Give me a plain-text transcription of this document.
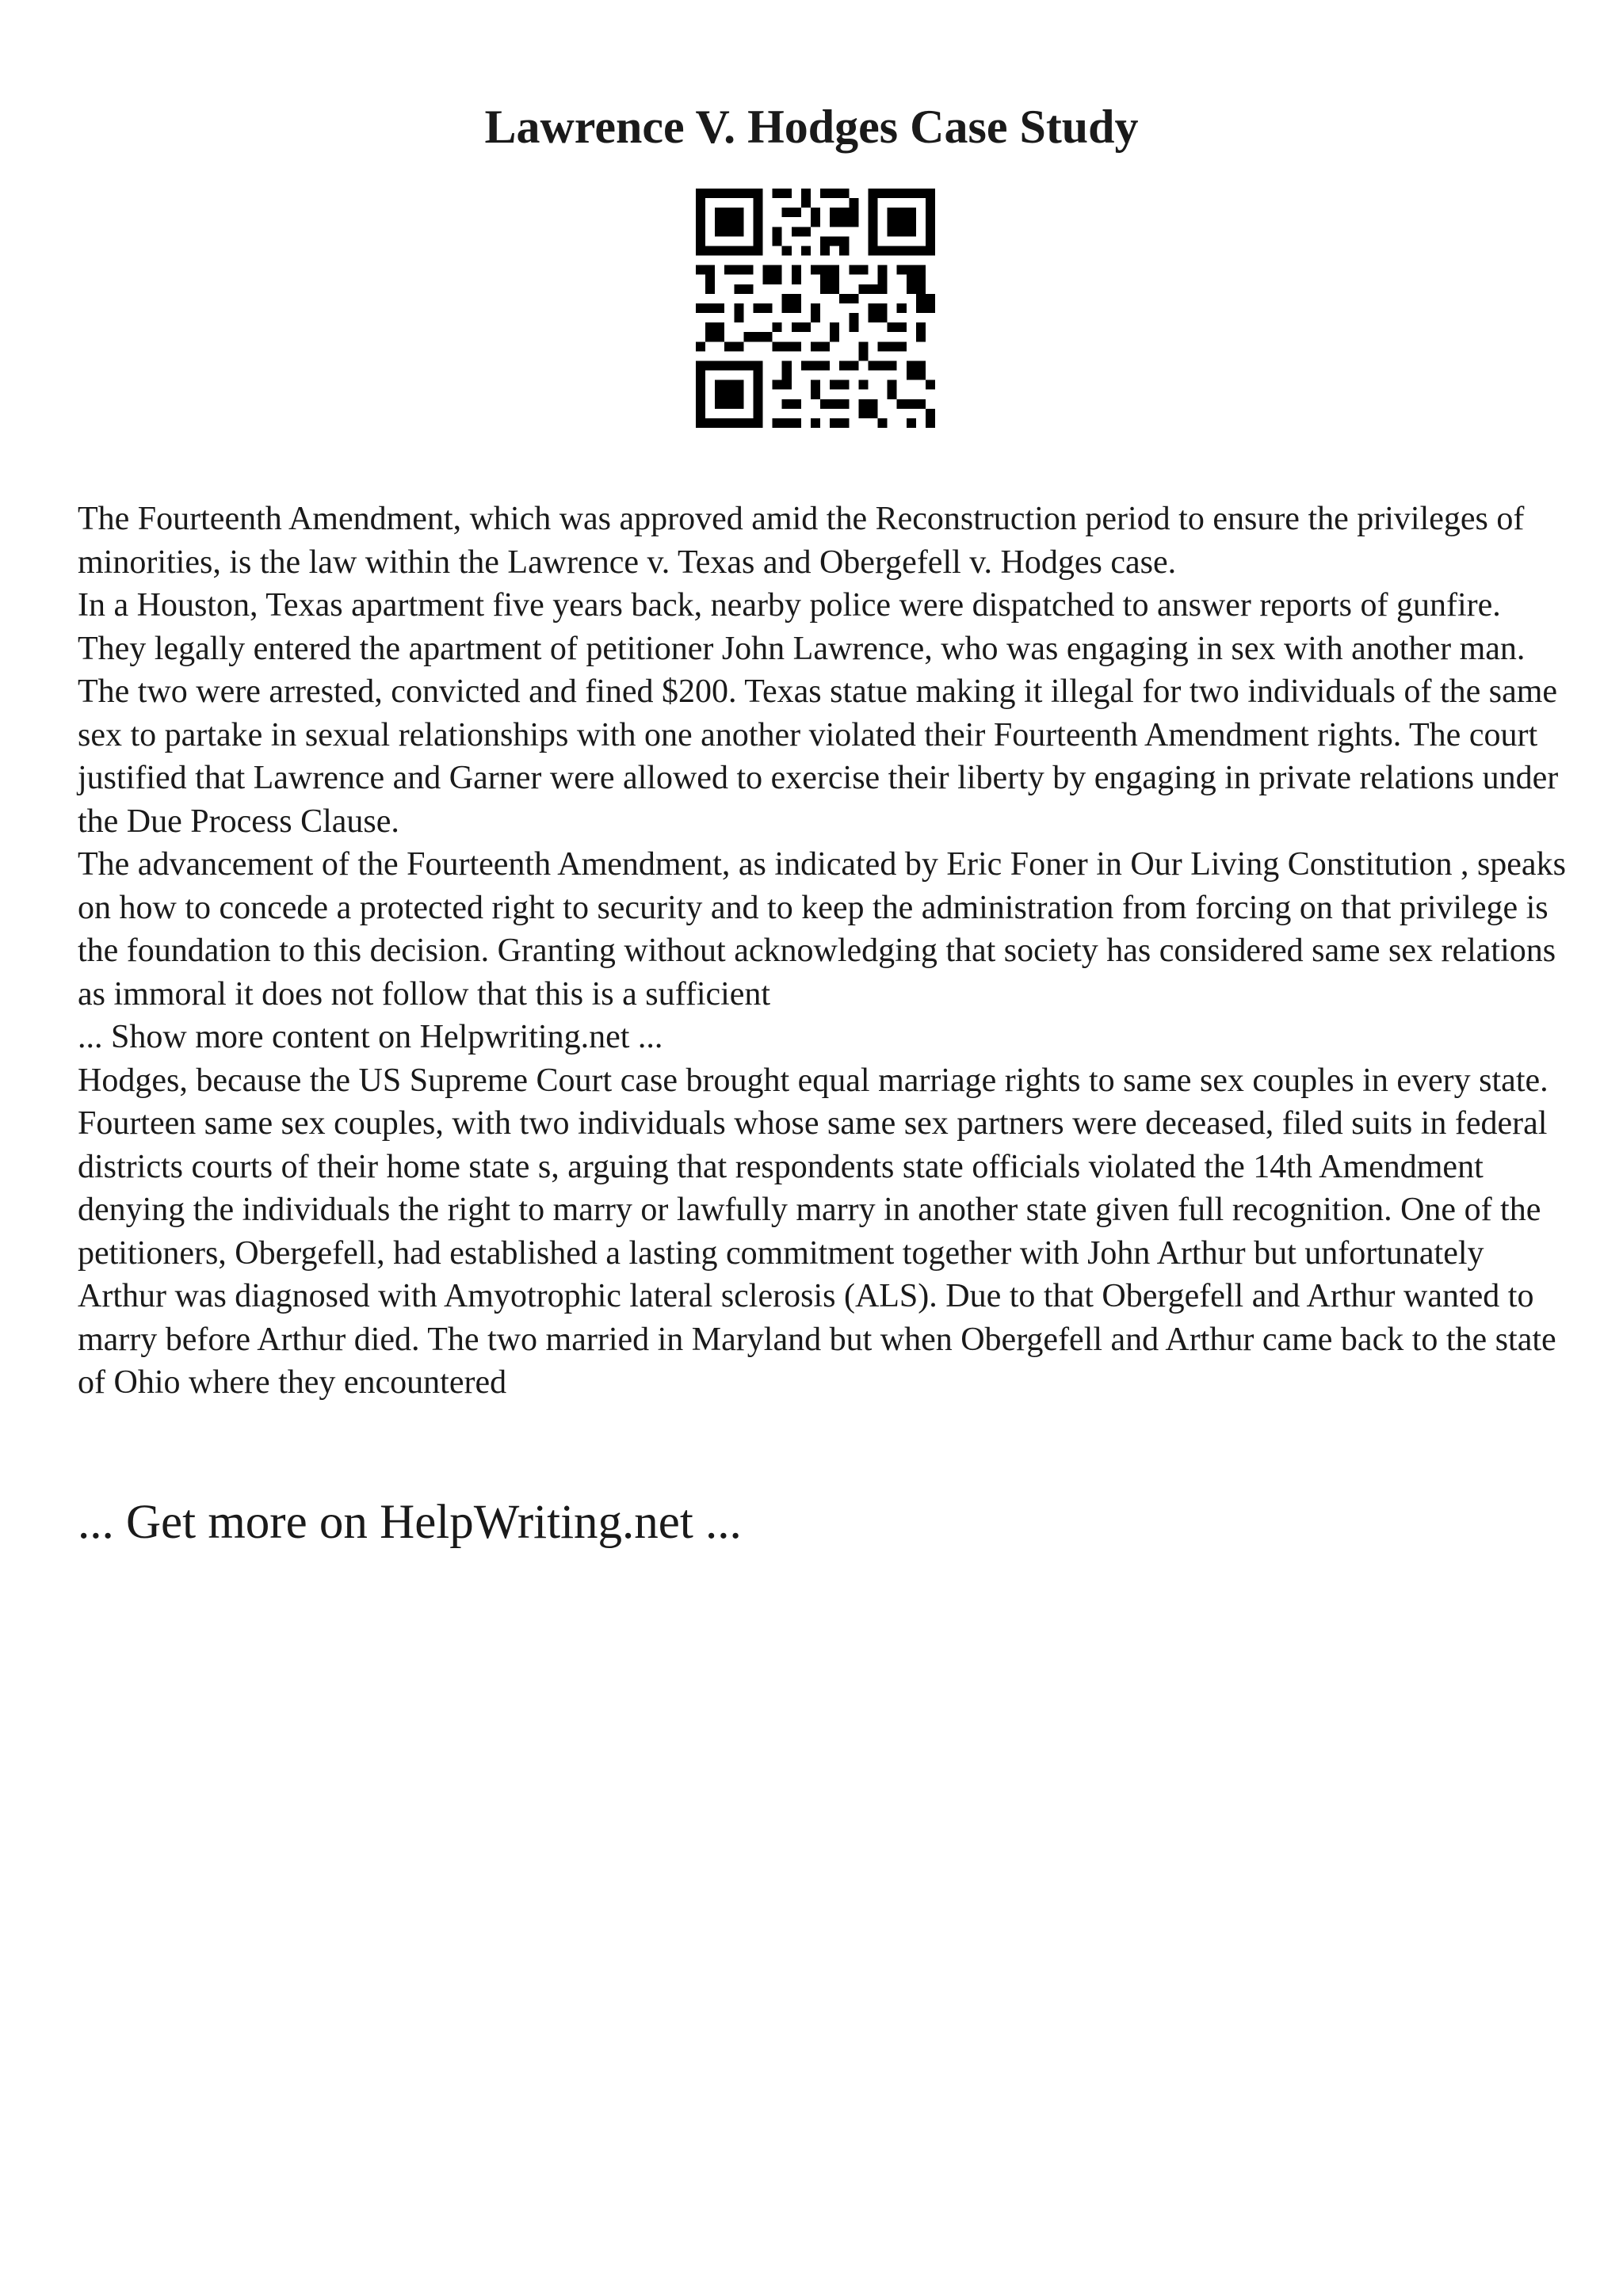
Lawrence V. Hodges Case Study

The Fourteenth Amendment, which was approved amid the Reconstruction period to ensure the privileges of minorities, is the law within the Lawrence v. Texas and Obergefell v. Hodges case.

In a Houston, Texas apartment five years back, nearby police were dispatched to answer reports of gunfire. They legally entered the apartment of petitioner John Lawrence, who was engaging in sex with another man. The two were arrested, convicted and fined $200. Texas statue making it illegal for two individuals of the same sex to partake in sexual relationships with one another violated their Fourteenth Amendment rights. The court justified that Lawrence and Garner were allowed to exercise their liberty by engaging in private relations under the Due Process Clause.

The advancement of the Fourteenth Amendment, as indicated by Eric Foner in Our Living Constitution , speaks on how to concede a protected right to security and to keep the administration from forcing on that privilege is the foundation to this decision. Granting without acknowledging that society has considered same sex relations as immoral it does not follow that this is a sufficient

... Show more content on Helpwriting.net ...

Hodges, because the US Supreme Court case brought equal marriage rights to same sex couples in every state. Fourteen same sex couples, with two individuals whose same sex partners were deceased, filed suits in federal districts courts of their home state s, arguing that respondents state officials violated the 14th Amendment denying the individuals the right to marry or lawfully marry in another state given full recognition. One of the petitioners, Obergefell, had established a lasting commitment together with John Arthur but unfortunately Arthur was diagnosed with Amyotrophic lateral sclerosis (ALS). Due to that Obergefell and Arthur wanted to marry before Arthur died. The two married in Maryland but when Obergefell and Arthur came back to the state of Ohio where they encountered

... Get more on HelpWriting.net ...
